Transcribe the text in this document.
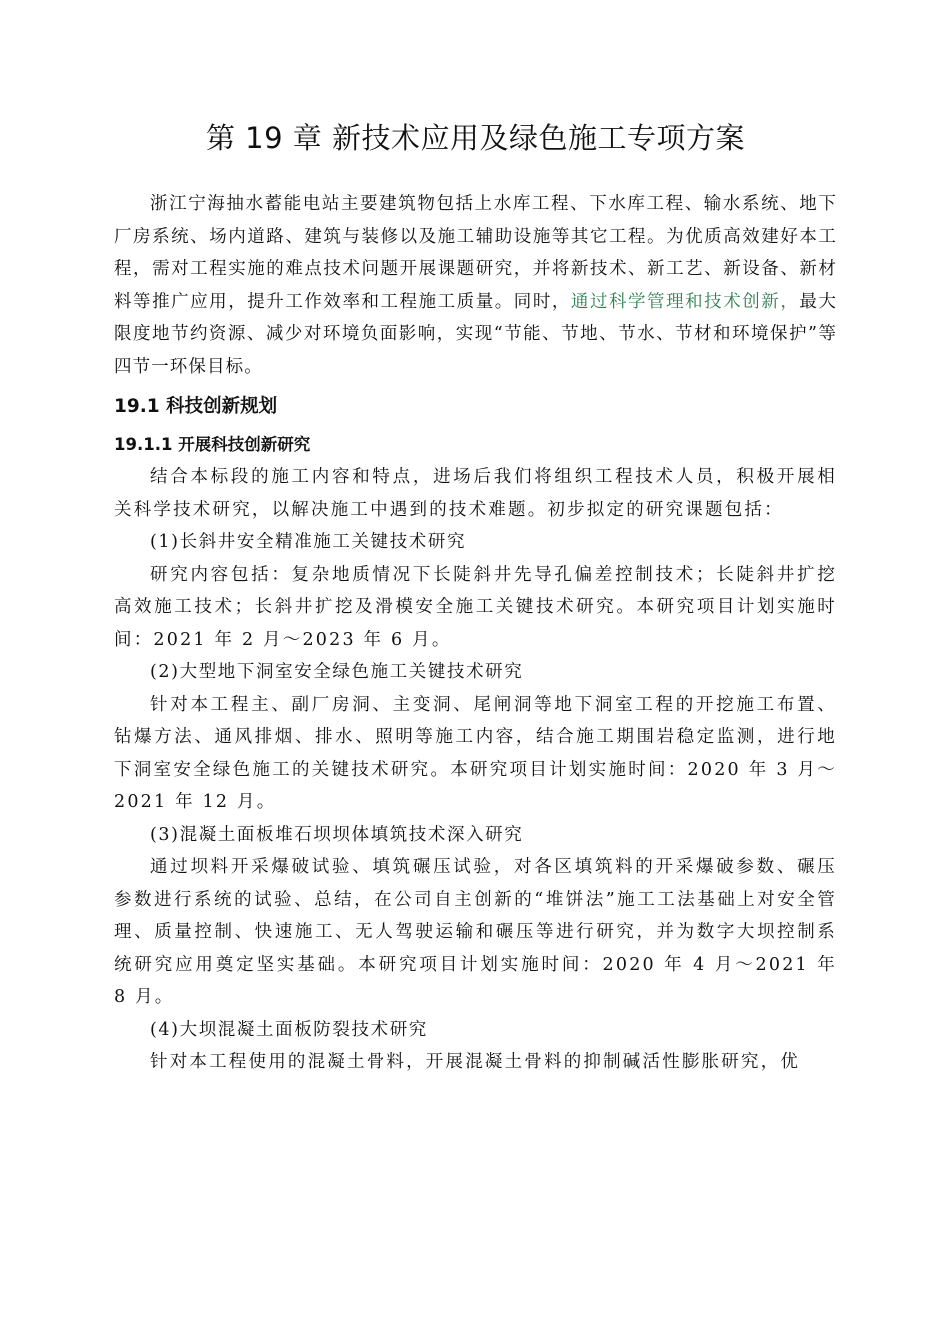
第 19 章 新技术应用及绿色施工专项方案

浙江宁海抽水蓄能电站主要建筑物包括上水库工程、下水库工程、输水系统、地下厂房系统、场内道路、建筑与装修以及施工辅助设施等其它工程。为优质高效建好本工程，需对工程实施的难点技术问题开展课题研究，并将新技术、新工艺、新设备、新材料等推广应用，提升工作效率和工程施工质量。同时，通过科学管理和技术创新，最大限度地节约资源、减少对环境负面影响，实现“节能、节地、节水、节材和环境保护”等四节一环保目标。

19.1 科技创新规划
19.1.1 开展科技创新研究

结合本标段的施工内容和特点，进场后我们将组织工程技术人员，积极开展相关科学技术研究，以解决施工中遇到的技术难题。初步拟定的研究课题包括：

(1)长斜井安全精准施工关键技术研究

研究内容包括：复杂地质情况下长陡斜井先导孔偏差控制技术；长陡斜井扩挖高效施工技术；长斜井扩挖及滑模安全施工关键技术研究。本研究项目计划实施时间：2021 年 2 月～2023 年 6 月。

(2)大型地下洞室安全绿色施工关键技术研究

针对本工程主、副厂房洞、主变洞、尾闸洞等地下洞室工程的开挖施工布置、钻爆方法、通风排烟、排水、照明等施工内容，结合施工期围岩稳定监测，进行地下洞室安全绿色施工的关键技术研究。本研究项目计划实施时间：2020 年 3 月～2021 年 12 月。

(3)混凝土面板堆石坝坝体填筑技术深入研究

通过坝料开采爆破试验、填筑碾压试验，对各区填筑料的开采爆破参数、碾压参数进行系统的试验、总结，在公司自主创新的“堆饼法”施工工法基础上对安全管理、质量控制、快速施工、无人驾驶运输和碾压等进行研究，并为数字大坝控制系统研究应用奠定坚实基础。本研究项目计划实施时间：2020 年 4 月～2021 年 8 月。

(4)大坝混凝土面板防裂技术研究

针对本工程使用的混凝土骨料，开展混凝土骨料的抑制碱活性膨胀研究，优
